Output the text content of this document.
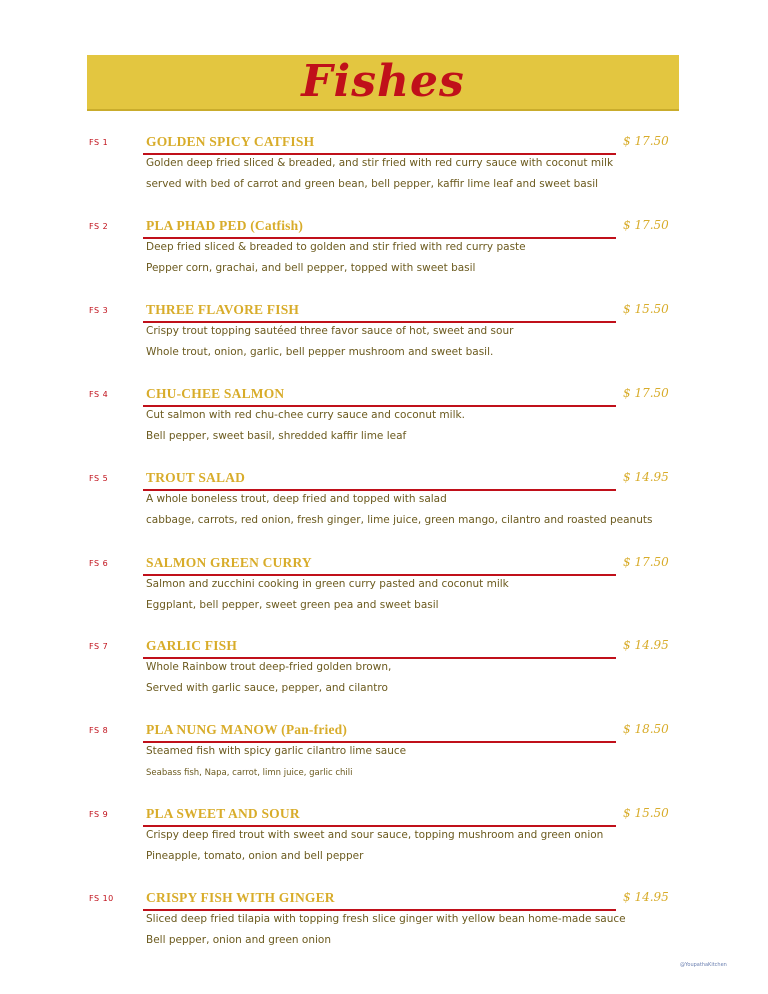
Fishes
FS 1	GOLDEN SPICY CATFISH	$ 17.50
Golden deep fried sliced & breaded, and stir fried with red curry sauce with coconut milk
served with bed of carrot and green bean, bell pepper, kaffir lime leaf and sweet basil
FS 2	PLA PHAD PED (Catfish)	$ 17.50
Deep fried sliced & breaded to golden and stir fried with red curry paste
Pepper corn, grachai, and bell pepper, topped with sweet basil
FS 3	THREE FLAVORE FISH	$ 15.50
Crispy trout topping sautéed three favor sauce of hot, sweet and sour
Whole trout, onion, garlic, bell pepper mushroom and sweet basil.
FS 4	CHU-CHEE SALMON	$ 17.50
Cut salmon with red chu-chee curry sauce and coconut milk.
Bell pepper, sweet basil, shredded kaffir lime leaf
FS 5	TROUT SALAD	$ 14.95
A whole boneless trout, deep fried and topped with salad
cabbage, carrots, red onion, fresh ginger, lime juice, green mango, cilantro and roasted peanuts
FS 6	SALMON GREEN CURRY	$ 17.50
Salmon and zucchini cooking in green curry pasted and coconut milk
Eggplant, bell pepper, sweet green pea and sweet basil
FS 7	GARLIC FISH	$ 14.95
Whole Rainbow trout deep-fried golden brown,
Served with garlic sauce, pepper, and cilantro
FS 8	PLA NUNG MANOW (Pan-fried)	$ 18.50
Steamed fish with spicy garlic cilantro lime sauce
Seabass fish, Napa, carrot, limn juice, garlic chili
FS 9	PLA SWEET AND SOUR	$ 15.50
Crispy deep fired trout with sweet and sour sauce, topping mushroom and green onion
Pineapple, tomato, onion and bell pepper
FS 10 CRISPY FISH WITH GINGER	$ 14.95
Sliced deep fried tilapia with topping fresh slice ginger with yellow bean home-made sauce
Bell pepper, onion and green onion
@YoupathaKitchen
